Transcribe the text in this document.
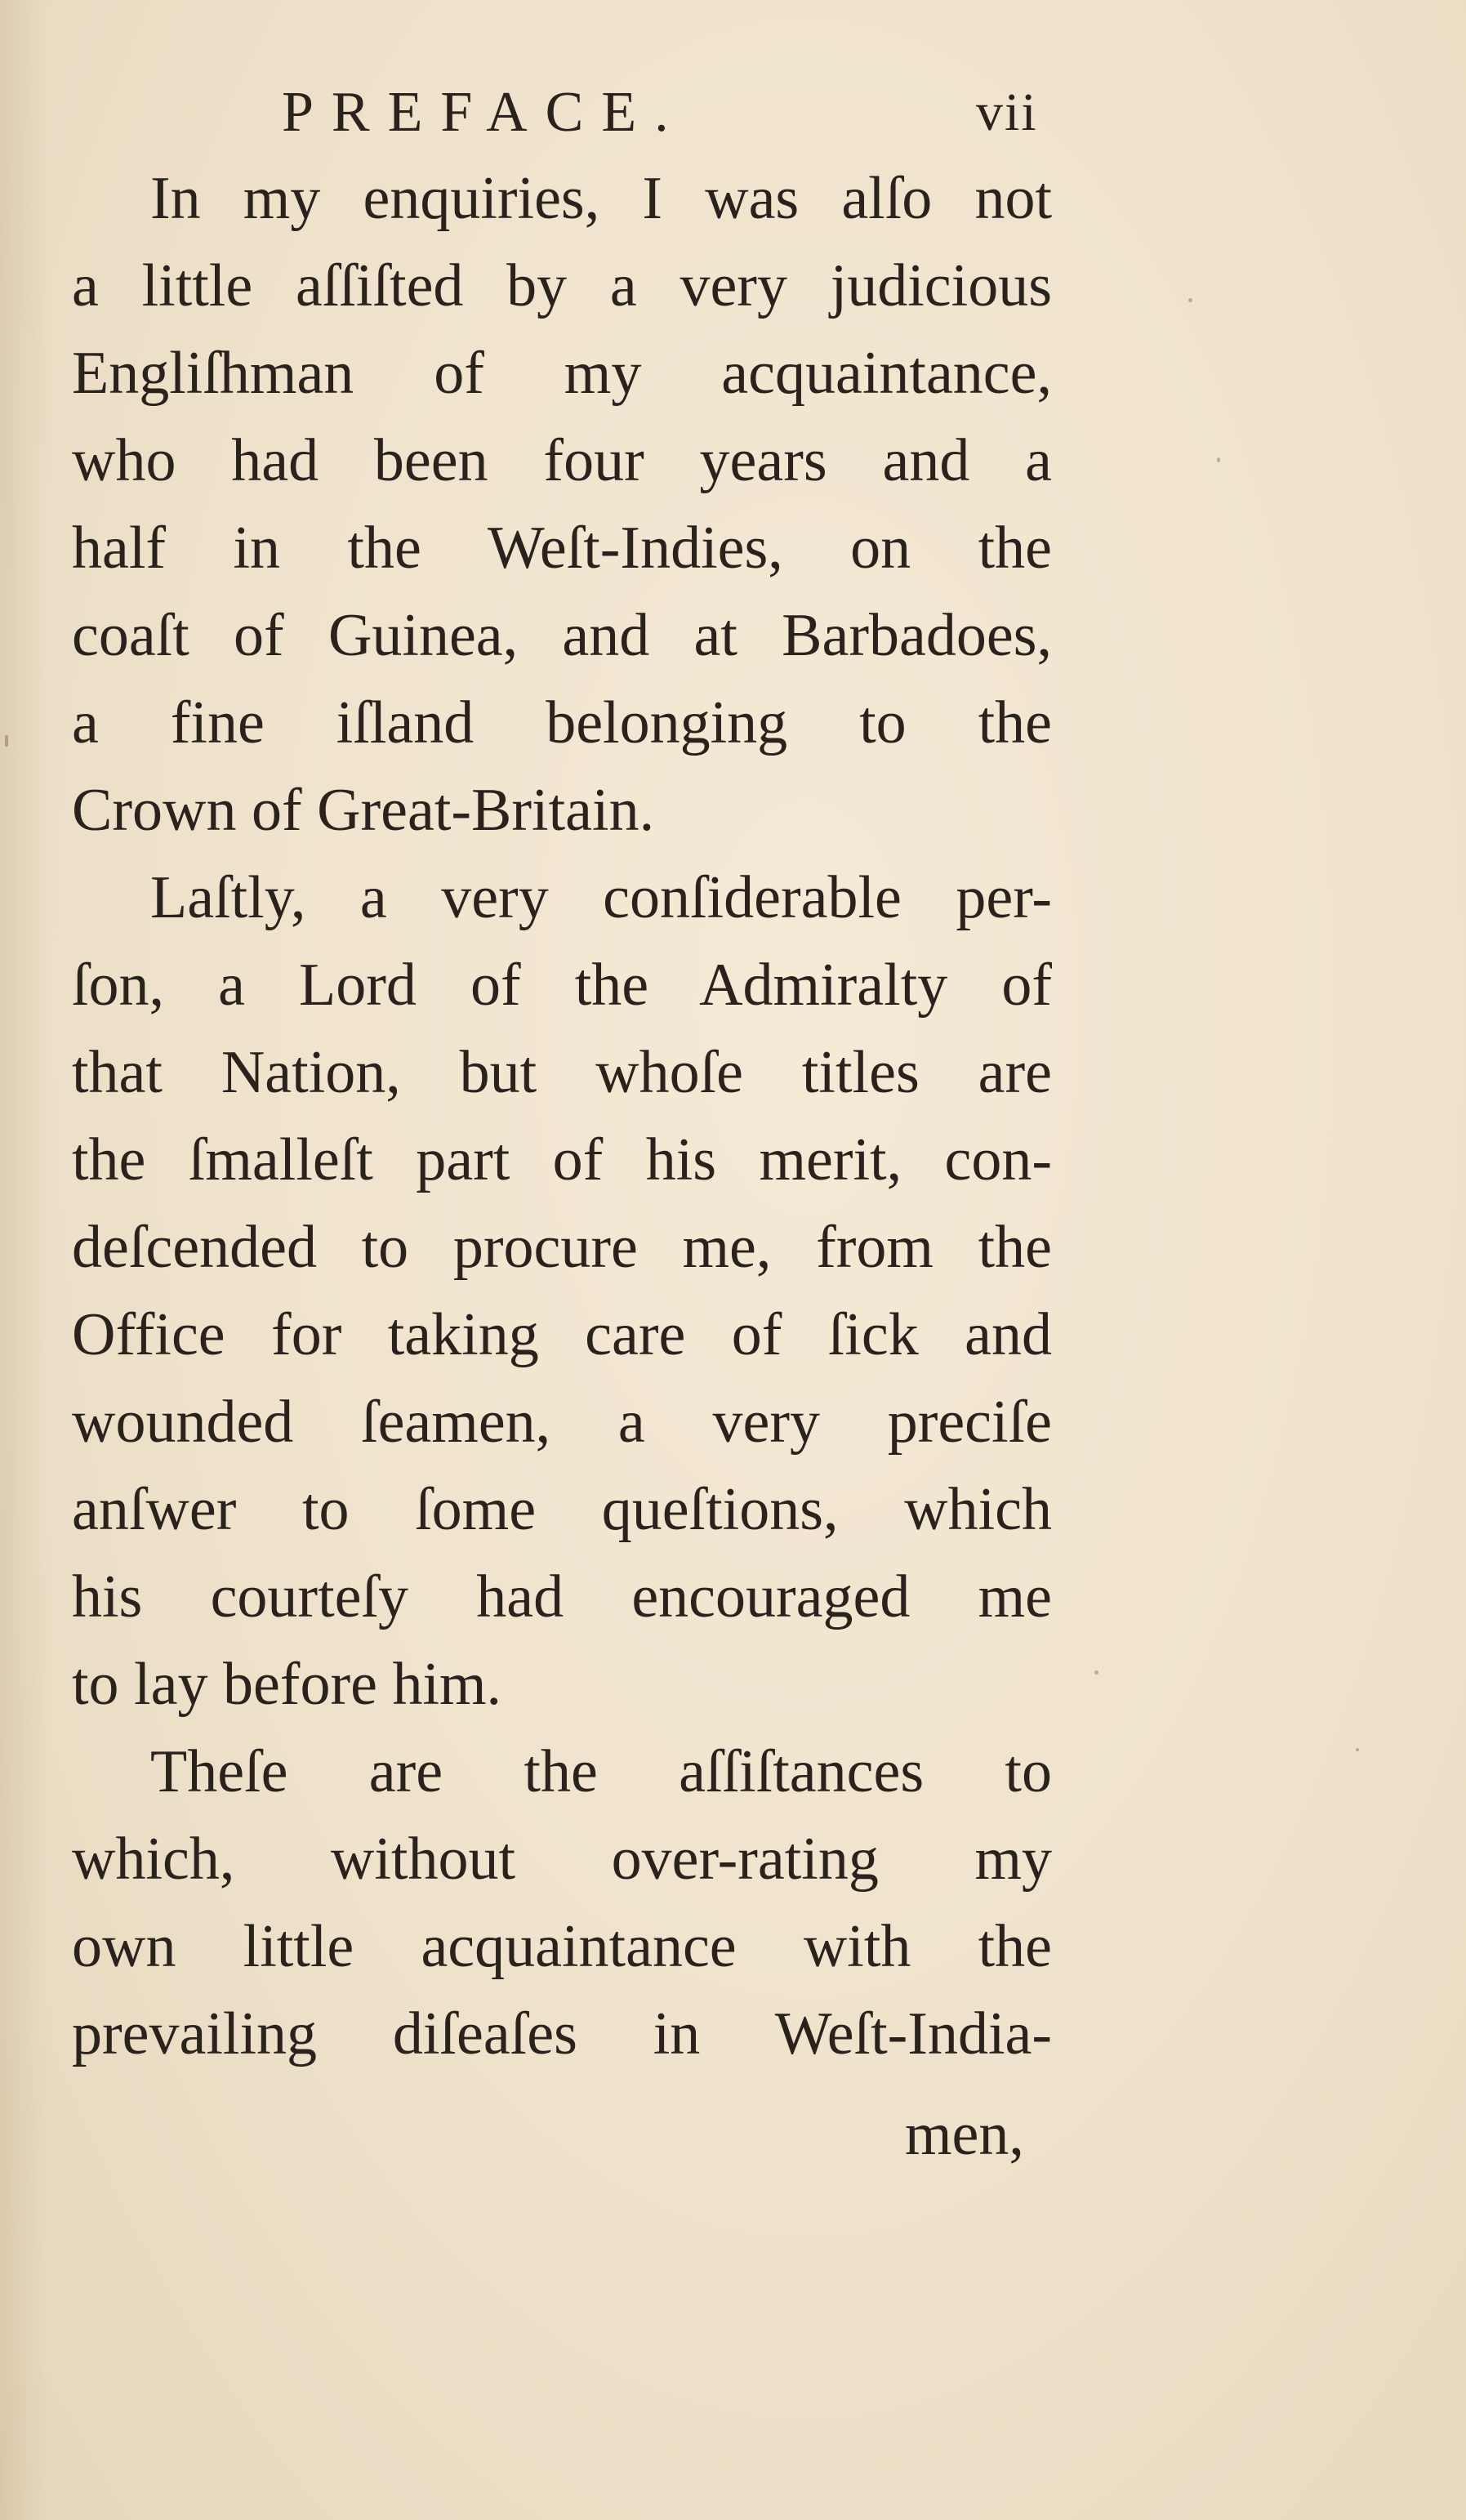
PREFACE.	vii
In my enquiries, I was alſo not
a little aſſiſted by a very judicious
Engliſhman of my acquaintance,
who had been four years and a
half in the Weſt-Indies, on the
coaſt of Guinea, and at Barbadoes,
a fine iſland belonging to the
Crown of Great-Britain.
Laſtly, a very conſiderable per-
ſon, a Lord of the Admiralty of
that Nation, but whoſe titles are
the ſmalleſt part of his merit, con-
deſcended to procure me, from the
Office for taking care of ſick and
wounded ſeamen, a very preciſe
anſwer to ſome queſtions, which
his courteſy had encouraged me
to lay before him.
Theſe are the aſſiſtances to
which, without over-rating my
own little acquaintance with the
prevailing diſeaſes in Weſt-India-
men,
